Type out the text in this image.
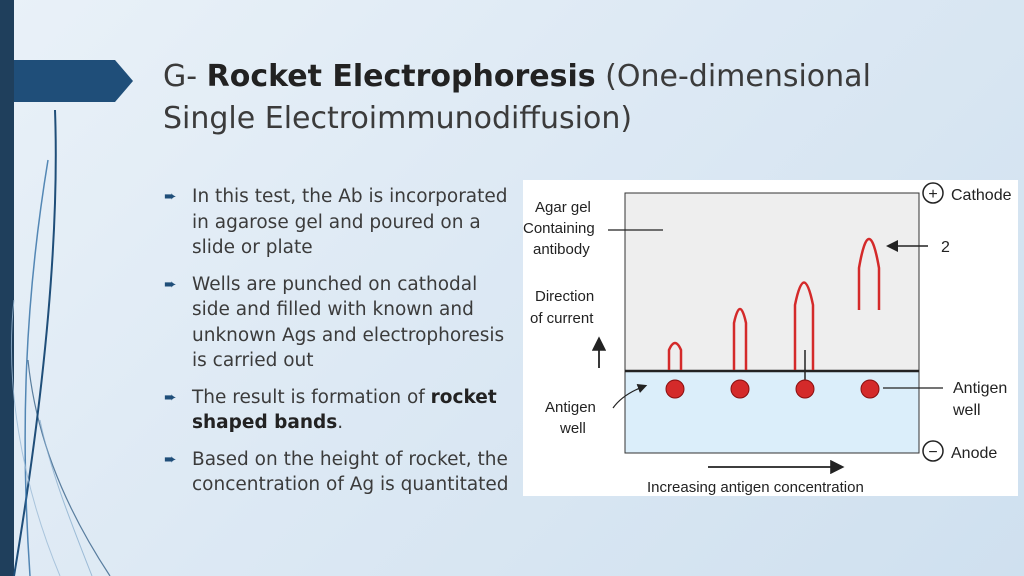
G- Rocket Electrophoresis (One-dimensional
Single Electroimmunodiffusion)
➨ In this test, the Ab is incorporated in agarose gel and poured on a slide or plate
➨ Wells are punched on cathodal side and filled with known and unknown Ags and electrophoresis is carried out
➨ The result is formation of rocket shaped bands.
➨ Based on the height of rocket, the concentration of Ag is quantitated
Agar gel
Containing
antibody
Direction
of current
Antigen
well
+ Cathode
2
Antigen
well
− Anode
Increasing antigen concentration
